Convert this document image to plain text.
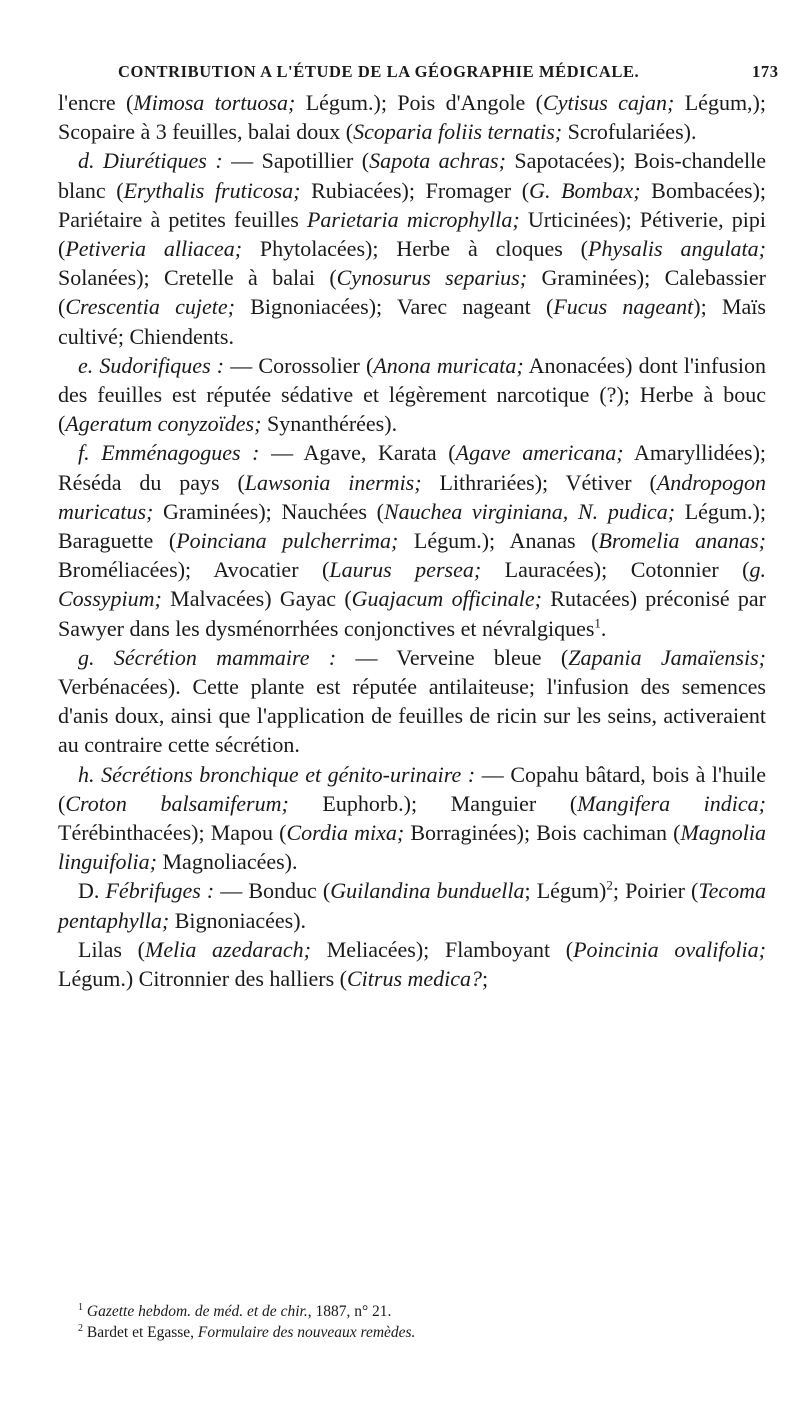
CONTRIBUTION A L'ÉTUDE DE LA GÉOGRAPHIE MÉDICALE.	173

l'encre (Mimosa tortuosa; Légum.); Pois d'Angole (Cytisus cajan; Légum,); Scopaire à 3 feuilles, balai doux (Scoparia foliis ternatis; Scrofulariées).

d. Diurétiques : — Sapotillier (Sapota achras; Sapotacées); Bois-chandelle blanc (Erythalis fruticosa; Rubiacées); Fromager (G. Bombax; Bombacées); Pariétaire à petites feuilles Parietaria microphylla; Urticinées); Pétiverie, pipi (Petiveria alliacea; Phytolacées); Herbe à cloques (Physalis angulata; Solanées); Cretelle à balai (Cynosurus separius; Graminées); Calebassier (Crescentia cujete; Bignoniacées); Varec nageant (Fucus nageant); Maïs cultivé; Chiendents.

e. Sudorifiques : — Corossolier (Anona muricata; Anonacées) dont l'infusion des feuilles est réputée sédative et légèrement narcotique (?); Herbe à bouc (Ageratum conyzoïdes; Synanthérées).

f. Emménagogues : — Agave, Karata (Agave americana; Amaryllidées); Réséda du pays (Lawsonia inermis; Lithrariées); Vétiver (Andropogon muricatus; Graminées); Nauchées (Nauchea virginiana, N. pudica; Légum.); Baraguette (Poinciana pulcherrima; Légum.); Ananas (Bromelia ananas; Broméliacées); Avocatier (Laurus persea; Lauracées); Cotonnier (g. Cossypium; Malvacées) Gayac (Guajacum officinale; Rutacées) préconisé par Sawyer dans les dysménorrhées conjonctives et névralgiques$^1$.

g. Sécrétion mammaire : — Verveine bleue (Zapania Jamaïensis; Verbénacées). Cette plante est réputée antilaiteuse; l'infusion des semences d'anis doux, ainsi que l'application de feuilles de ricin sur les seins, activeraient au contraire cette sécrétion.

h. Sécrétions bronchique et génito-urinaire : — Copahu bâtard, bois à l'huile (Croton balsamiferum; Euphorb.); Manguier (Mangifera indica; Térébinthacées); Mapou (Cordia mixa; Borraginées); Bois cachiman (Magnolia linguifolia; Magnoliacées).

D. Fébrifuges : — Bonduc (Guilandina bunduella; Légum)$^2$; Poirier (Tecoma pentaphylla; Bignoniacées).

Lilas (Melia azedarach; Meliacées); Flamboyant (Poincinia ovalifolia; Légum.) Citronnier des halliers (Citrus medica?;

$^1$ Gazette hebdom. de méd. et de chir., 1887, n° 21.

$^2$ Bardet et Egasse, Formulaire des nouveaux remèdes.
